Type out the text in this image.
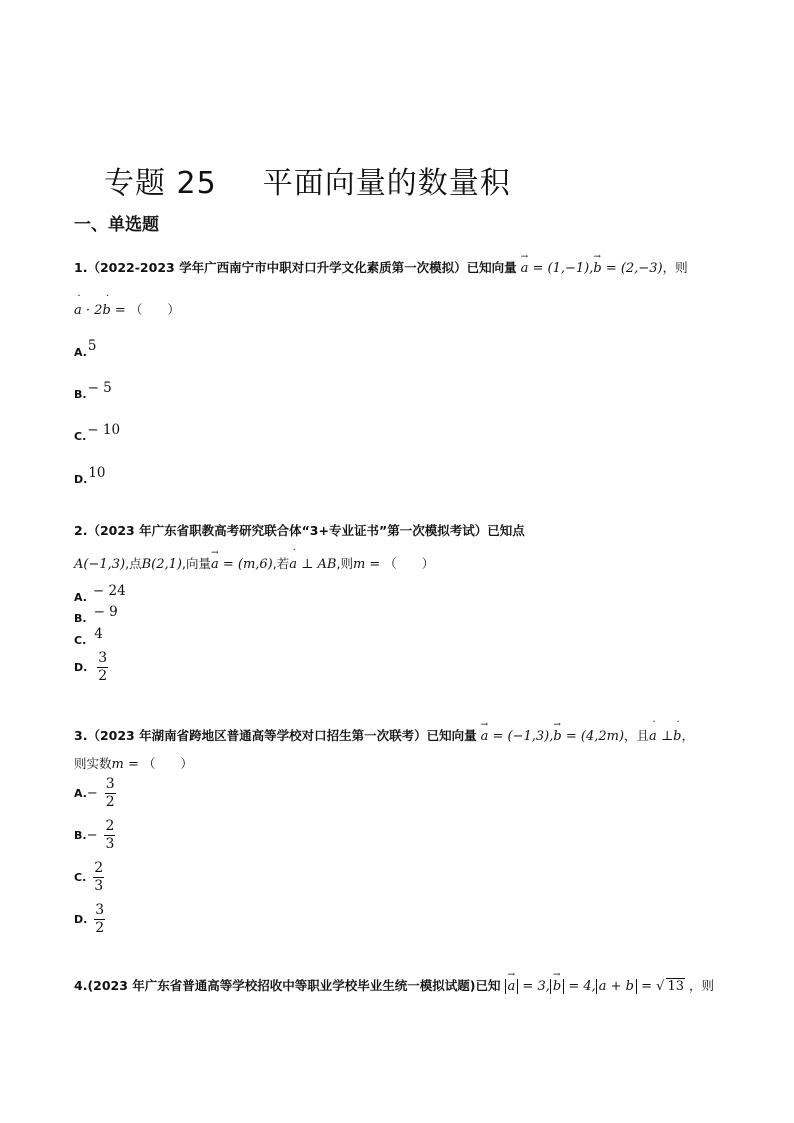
专题 25 平面向量的数量积
一、单选题
1.（2022-2023 学年广西南宁市中职对口升学文化素质第一次模拟）已知向量 → a = (1,−1),→ b = (2,−3)，则
˙ a · 2˙ b = （　　）
A.5
B.− 5
C.− 10
D.10
2.（2023 年广东省职教高考研究联合体“3+专业证书”第一次模拟考试）已知点
A(−1,3),点B(2,1),向量→ a = (m,6),若˙ a ⊥ AB,则m = （　　）
A. − 24
B. − 9
C. 4
D. $\frac{3}{2}$
3.（2023 年湖南省跨地区普通高等学校对口招生第一次联考）已知向量 → a = (−1,3),→ b = (4,2m)，且˙ a ⊥˙ b，
则实数m = （　　）
$A.- \frac{3}{2}$
$B.- \frac{2}{3}$
C. $\frac{2}{3}$
D. $\frac{3}{2}$
4.(2023 年广东省普通高等学校招收中等职业学校毕业生统一模拟试题)已知 → a = 3, → b = 4, a + b = √ 13 ，则
